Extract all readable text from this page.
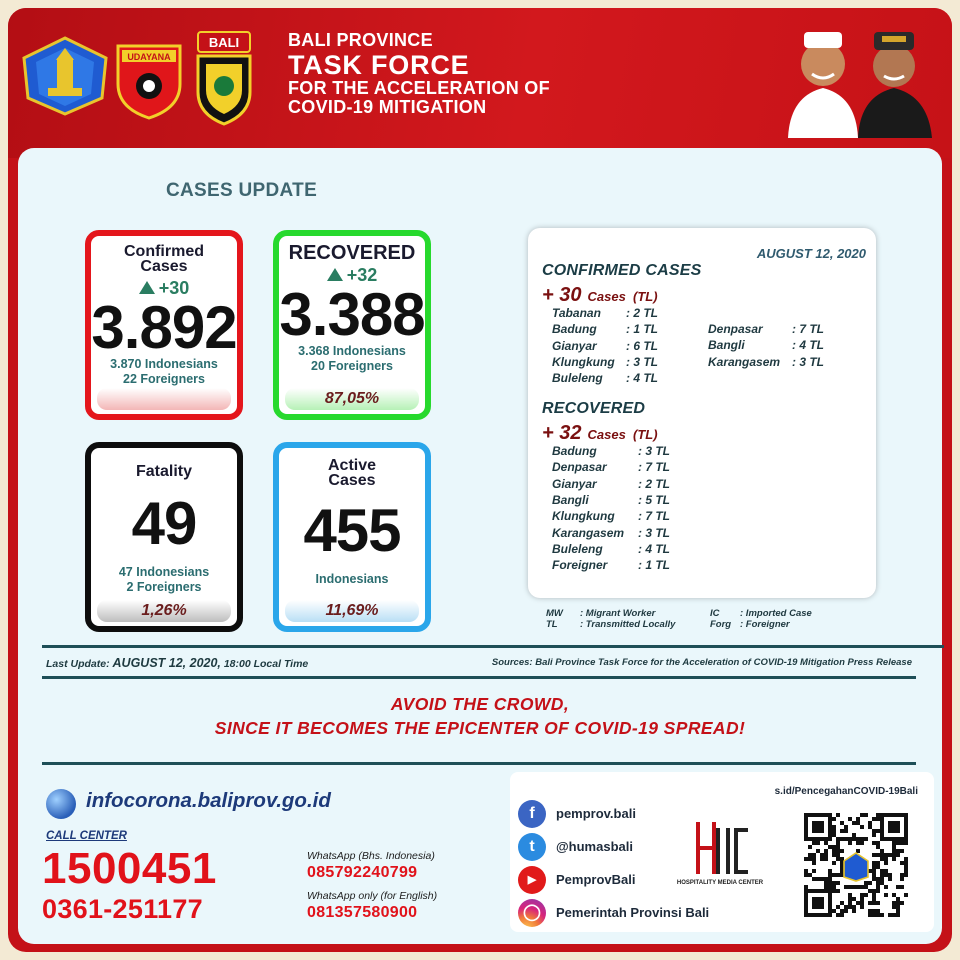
UDAYANA
BALI	BALI PROVINCE
TASK FORCE
FOR THE ACCELERATION OF
COVID-19 MITIGATION
CASES UPDATE
Confirmed Cases
+30
3.892
3.870 Indonesians
22 Foreigners
RECOVERED
+32
3.388
3.368 Indonesians
20 Foreigners
87,05%
Fatality
49
47 Indonesians
2 Foreigners
1,26%
Active Cases
455
Indonesians
11,69%
AUGUST 12, 2020
CONFIRMED CASES
+ 30 Cases (TL)
Tabanan : 2 TL
Badung : 1 TL
Gianyar : 6 TL
Klungkung : 3 TL
Buleleng : 4 TL
Denpasar : 7 TL
Bangli	: 4 TL
Karangasem : 3 TL
RECOVERED
+ 32 Cases (TL)
Badung	: 3 TL
Denpasar	: 7 TL
Gianyar	: 2 TL
Bangli	: 5 TL
Klungkung : 7 TL
Karangasem : 3 TL
Buleleng	: 4 TL
Foreigner	: 1 TL
MW : Migrant Worker
TL : Transmitted Locally
IC : Imported Case
Forg : Foreigner
Last Update: AUGUST 12, 2020, 18:00 Local Time	Sources: Bali Province Task Force for the Acceleration of COVID-19 Mitigation Press Release
AVOID THE CROWD,
SINCE IT BECOMES THE EPICENTER OF COVID-19 SPREAD!
infocorona.baliprov.go.id
CALL CENTER
1500451
0361-251177
WhatsApp (Bhs. Indonesia)
085792240799
WhatsApp only (for English)
081357580900
f	pemprov.bali
t	@humasbali
▶	PemprovBali
◯	Pemerintah Provinsi Bali
HOSPITALITY MEDIA CENTER
s.id/PencegahanCOVID-19Bali
